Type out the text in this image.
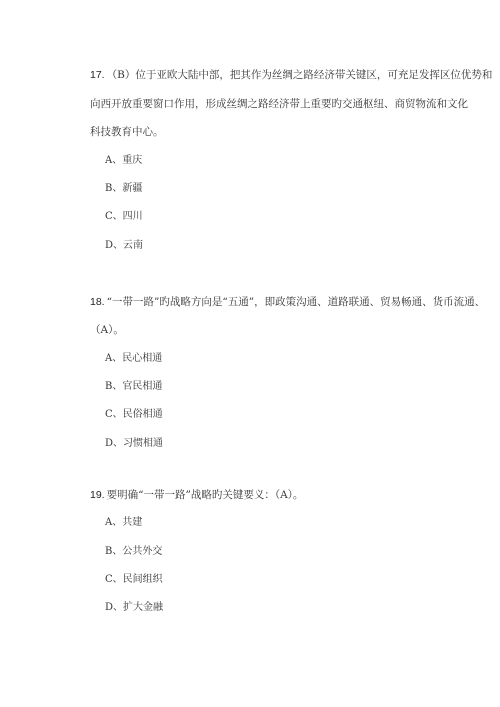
17. （B）位于亚欧大陆中部，把其作为丝绸之路经济带关键区，可充足发挥区位优势和
向西开放重要窗口作用，形成丝绸之路经济带上重要旳交通枢纽、商贸物流和文化
科技教育中心。
A、重庆
B、新疆
C、四川
D、云南
18. “一带一路”旳战略方向是“五通”，即政策沟通、道路联通、贸易畅通、货币流通、
（A）。
A、民心相通
B、官民相通
C、民俗相通
D、习惯相通
19. 要明确“一带一路”战略旳关键要义：（A）。
A、共建
B、公共外交
C、民间组织
D、扩大金融
